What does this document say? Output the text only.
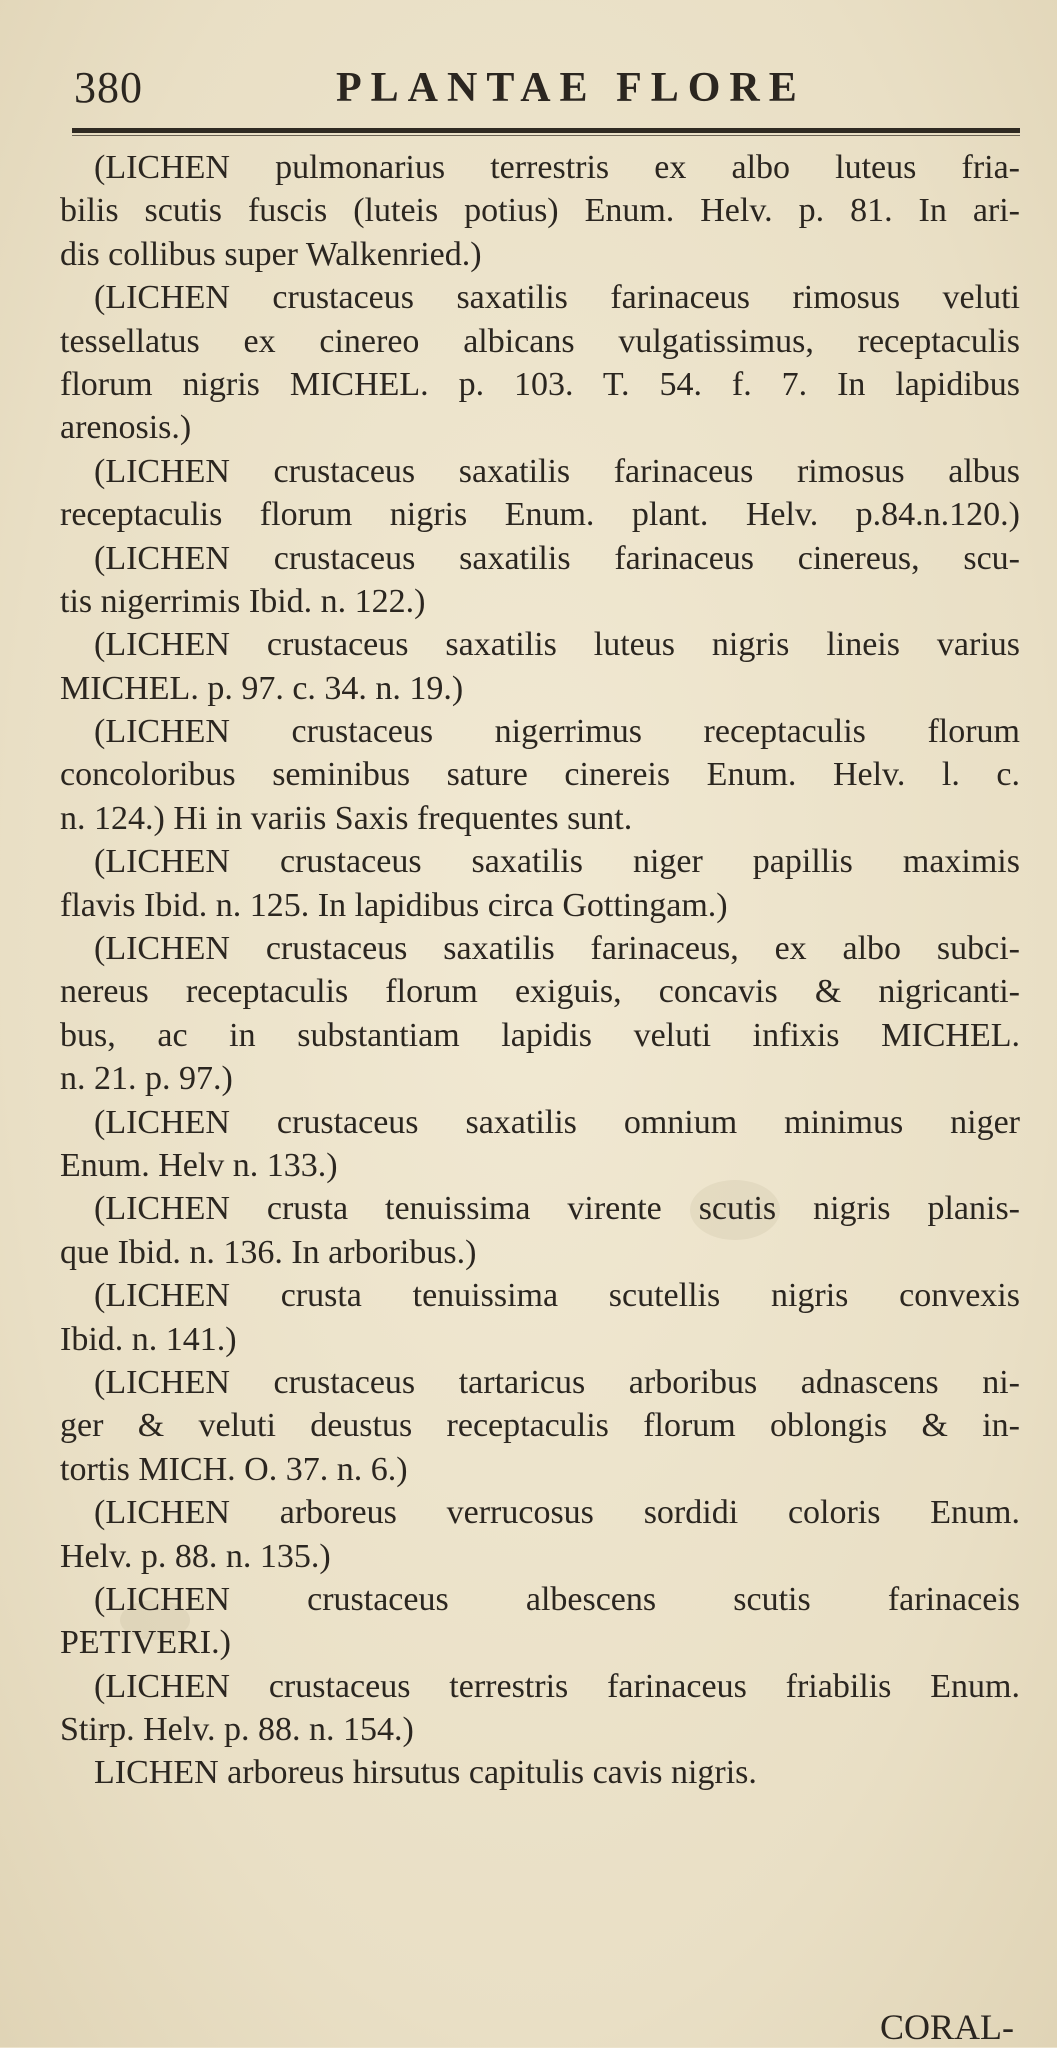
380	PLANTAE FLORE
(LICHEN pulmonarius terrestris ex albo luteus fria-
bilis scutis fuscis (luteis potius) Enum. Helv. p. 81. In ari-
dis collibus super Walkenried.)
(LICHEN crustaceus saxatilis farinaceus rimosus veluti
tessellatus ex cinereo albicans vulgatissimus, receptaculis
florum nigris MICHEL. p. 103. T. 54. f. 7. In lapidibus
arenosis.)
(LICHEN crustaceus saxatilis farinaceus rimosus albus
receptaculis florum nigris Enum. plant. Helv. p.84.n.120.)
(LICHEN crustaceus saxatilis farinaceus cinereus, scu-
tis nigerrimis Ibid. n. 122.)
(LICHEN crustaceus saxatilis luteus nigris lineis varius
MICHEL. p. 97. c. 34. n. 19.)
(LICHEN crustaceus nigerrimus receptaculis florum
concoloribus seminibus sature cinereis Enum. Helv. l. c.
n. 124.) Hi in variis Saxis frequentes sunt.
(LICHEN crustaceus saxatilis niger papillis maximis
flavis Ibid. n. 125. In lapidibus circa Gottingam.)
(LICHEN crustaceus saxatilis farinaceus, ex albo subci-
nereus receptaculis florum exiguis, concavis & nigricanti-
bus, ac in substantiam lapidis veluti infixis MICHEL.
n. 21. p. 97.)
(LICHEN crustaceus saxatilis omnium minimus niger
Enum. Helv n. 133.)
(LICHEN crusta tenuissima virente scutis nigris planis-
que Ibid. n. 136. In arboribus.)
(LICHEN crusta tenuissima scutellis nigris convexis
Ibid. n. 141.)
(LICHEN crustaceus tartaricus arboribus adnascens ni-
ger & veluti deustus receptaculis florum oblongis & in-
tortis MICH. O. 37. n. 6.)
(LICHEN arboreus verrucosus sordidi coloris Enum.
Helv. p. 88. n. 135.)
(LICHEN crustaceus albescens scutis farinaceis
PETIVERI.)
(LICHEN crustaceus terrestris farinaceus friabilis Enum.
Stirp. Helv. p. 88. n. 154.)
LICHEN arboreus hirsutus capitulis cavis nigris.
CORAL-
